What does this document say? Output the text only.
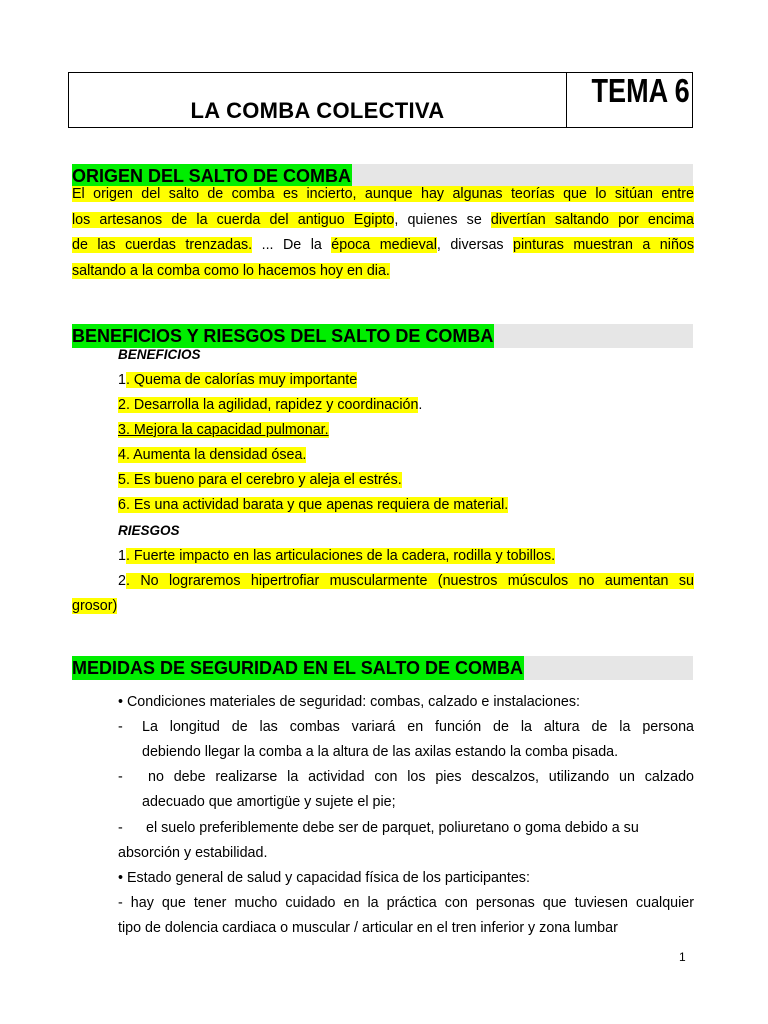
LA COMBA COLECTIVA
TEMA 6
ORIGEN DEL SALTO DE COMBA
El origen del salto de comba es incierto, aunque hay algunas teorías que lo sitúan entre
los artesanos de la cuerda del antiguo Egipto, quienes se divertían saltando por encima
de las cuerdas trenzadas. ... De la época medieval, diversas pinturas muestran a niños
saltando a la comba como lo hacemos hoy en dia.
BENEFICIOS Y RIESGOS DEL SALTO DE COMBA
BENEFICIOS
1. Quema de calorías muy importante
2. Desarrolla la agilidad, rapidez y coordinación.
3. Mejora la capacidad pulmonar.
4. Aumenta la densidad ósea.
5. Es bueno para el cerebro y aleja el estrés.
6. Es una actividad barata y que apenas requiera de material.
RIESGOS
1. Fuerte impacto en las articulaciones de la cadera, rodilla y tobillos.
2. No lograremos hipertrofiar muscularmente (nuestros músculos no aumentan su
grosor)
MEDIDAS DE SEGURIDAD EN EL SALTO DE COMBA
• Condiciones materiales de seguridad: combas, calzado e instalaciones:
- La longitud de las combas variará en función de la altura de la persona
debiendo llegar la comba a la altura de las axilas estando la comba pisada.
- no debe realizarse la actividad con los pies descalzos, utilizando un calzado
adecuado que amortigüe y sujete el pie;
- el suelo preferiblemente debe ser de parquet, poliuretano o goma debido a su
absorción y estabilidad.
• Estado general de salud y capacidad física de los participantes:
- hay que tener mucho cuidado en la práctica con personas que tuviesen cualquier
tipo de dolencia cardiaca o muscular / articular en el tren inferior y zona lumbar
1
